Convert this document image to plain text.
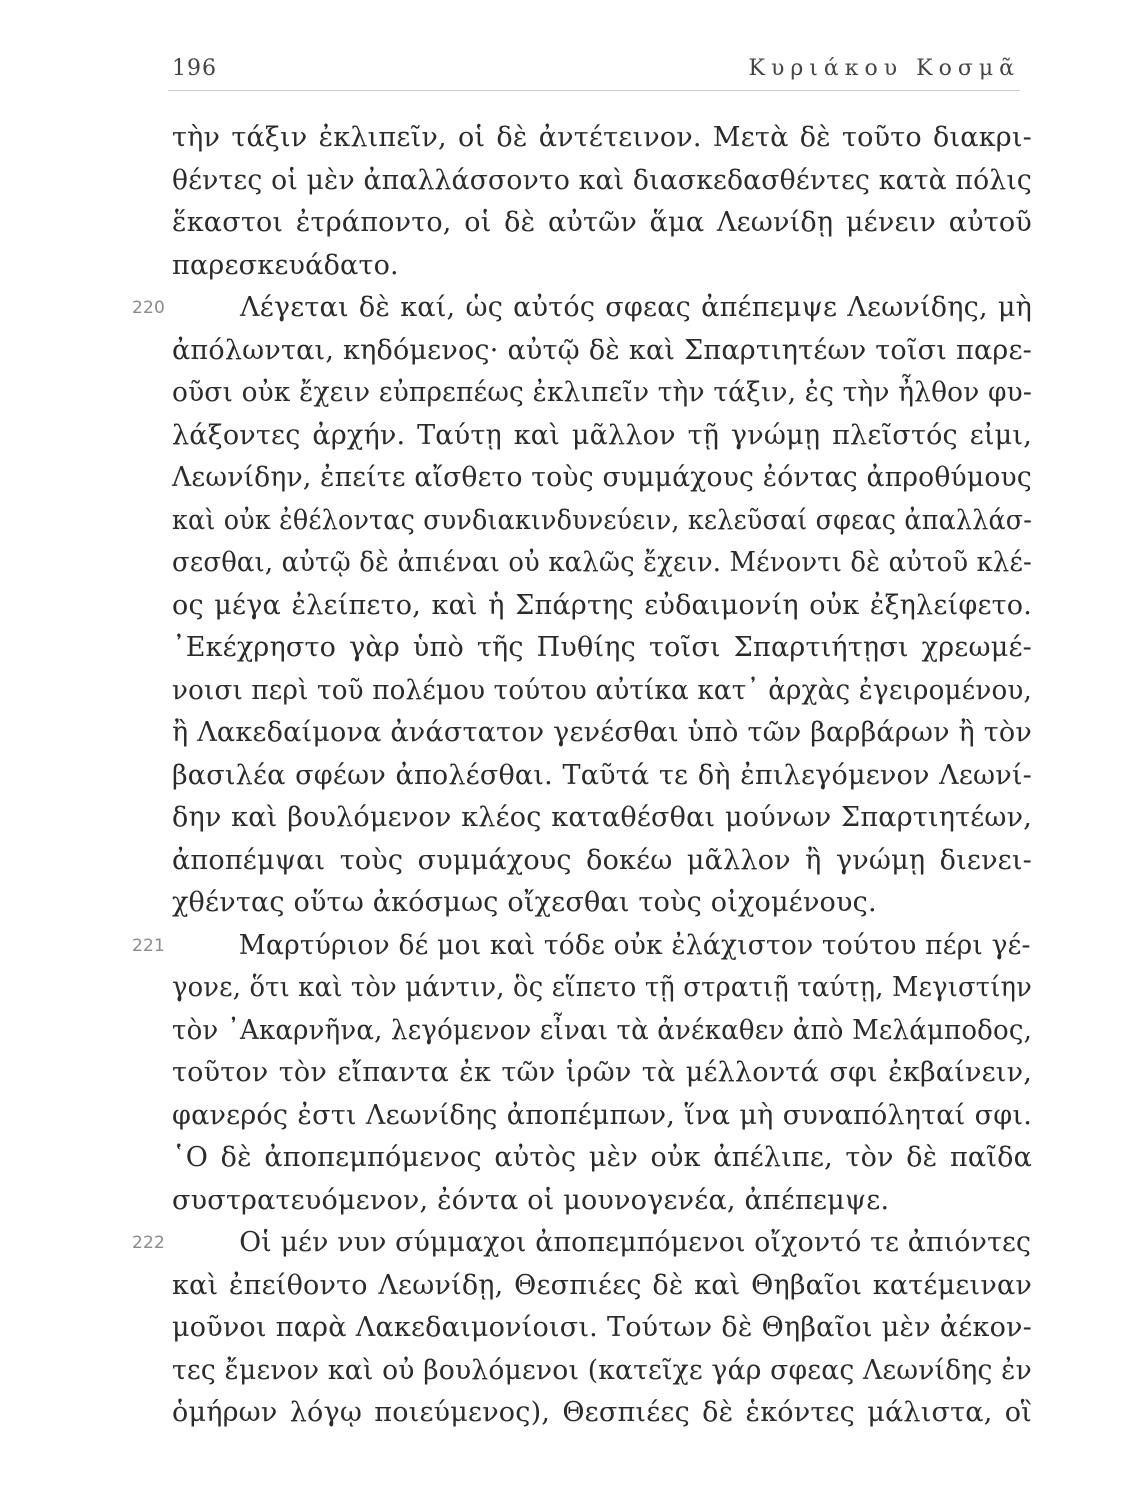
196	Κυριάκου Κοσμᾶ
τὴν τάξιν ἐκλιπεῖν, οἱ δὲ ἀντέτεινον. Μετὰ δὲ τοῦτο διακρι-
θέντες οἱ μὲν ἀπαλλάσσοντο καὶ διασκεδασθέντες κατὰ πόλις
ἕκαστοι ἐτράποντο, οἱ δὲ αὐτῶν ἅμα Λεωνίδῃ μένειν αὐτοῦ
παρεσκευάδατο.
220	Λέγεται δὲ καί, ὡς αὐτός σφεας ἀπέπεμψε Λεωνίδης, μὴ
ἀπόλωνται, κηδόμενος· αὐτῷ δὲ καὶ Σπαρτιητέων τοῖσι παρε-
οῦσι οὐκ ἔχειν εὐπρεπέως ἐκλιπεῖν τὴν τάξιν, ἐς τὴν ἦλθον φυ-
λάξοντες ἀρχήν. Ταύτῃ καὶ μᾶλλον τῇ γνώμῃ πλεῖστός εἰμι,
Λεωνίδην, ἐπείτε αἴσθετο τοὺς συμμάχους ἐόντας ἀπροθύμους
καὶ οὐκ ἐθέλοντας συνδιακινδυνεύειν, κελεῦσαί σφεας ἀπαλλάσ-
σεσθαι, αὐτῷ δὲ ἀπιέναι οὐ καλῶς ἔχειν. Μένοντι δὲ αὐτοῦ κλέ-
ος μέγα ἐλείπετο, καὶ ἡ Σπάρτης εὐδαιμονίη οὐκ ἐξηλείφετο.
᾿Εκέχρηστο γὰρ ὑπὸ τῆς Πυθίης τοῖσι Σπαρτιήτῃσι χρεωμέ-
νοισι περὶ τοῦ πολέμου τούτου αὐτίκα κατ᾿ ἀρχὰς ἐγειρομένου,
ἢ Λακεδαίμονα ἀνάστατον γενέσθαι ὑπὸ τῶν βαρβάρων ἢ τὸν
βασιλέα σφέων ἀπολέσθαι. Ταῦτά τε δὴ ἐπιλεγόμενον Λεωνί-
δην καὶ βουλόμενον κλέος καταθέσθαι μούνων Σπαρτιητέων,
ἀποπέμψαι τοὺς συμμάχους δοκέω μᾶλλον ἢ γνώμῃ διενει-
χθέντας οὕτω ἀκόσμως οἴχεσθαι τοὺς οἰχομένους.
221	Μαρτύριον δέ μοι καὶ τόδε οὐκ ἐλάχιστον τούτου πέρι γέ-
γονε, ὅτι καὶ τὸν μάντιν, ὃς εἵπετο τῇ στρατιῇ ταύτῃ, Μεγιστίην
τὸν ᾿Ακαρνῆνα, λεγόμενον εἶναι τὰ ἀνέκαθεν ἀπὸ Μελάμποδος,
τοῦτον τὸν εἴπαντα ἐκ τῶν ἱρῶν τὰ μέλλοντά σφι ἐκβαίνειν,
φανερός ἐστι Λεωνίδης ἀποπέμπων, ἵνα μὴ συναπόληταί σφι.
῾Ο δὲ ἀποπεμπόμενος αὐτὸς μὲν οὐκ ἀπέλιπε, τὸν δὲ παῖδα
συστρατευόμενον, ἐόντα οἱ μουνογενέα, ἀπέπεμψε.
222	Οἱ μέν νυν σύμμαχοι ἀποπεμπόμενοι οἴχοντό τε ἀπιόντες
καὶ ἐπείθοντο Λεωνίδῃ, Θεσπιέες δὲ καὶ Θηβαῖοι κατέμειναν
μοῦνοι παρὰ Λακεδαιμονίοισι. Τούτων δὲ Θηβαῖοι μὲν ἀέκον-
τες ἔμενον καὶ οὐ βουλόμενοι (κατεῖχε γάρ σφεας Λεωνίδης ἐν
ὁμήρων λόγῳ ποιεύμενος), Θεσπιέες δὲ ἑκόντες μάλιστα, οἳ
